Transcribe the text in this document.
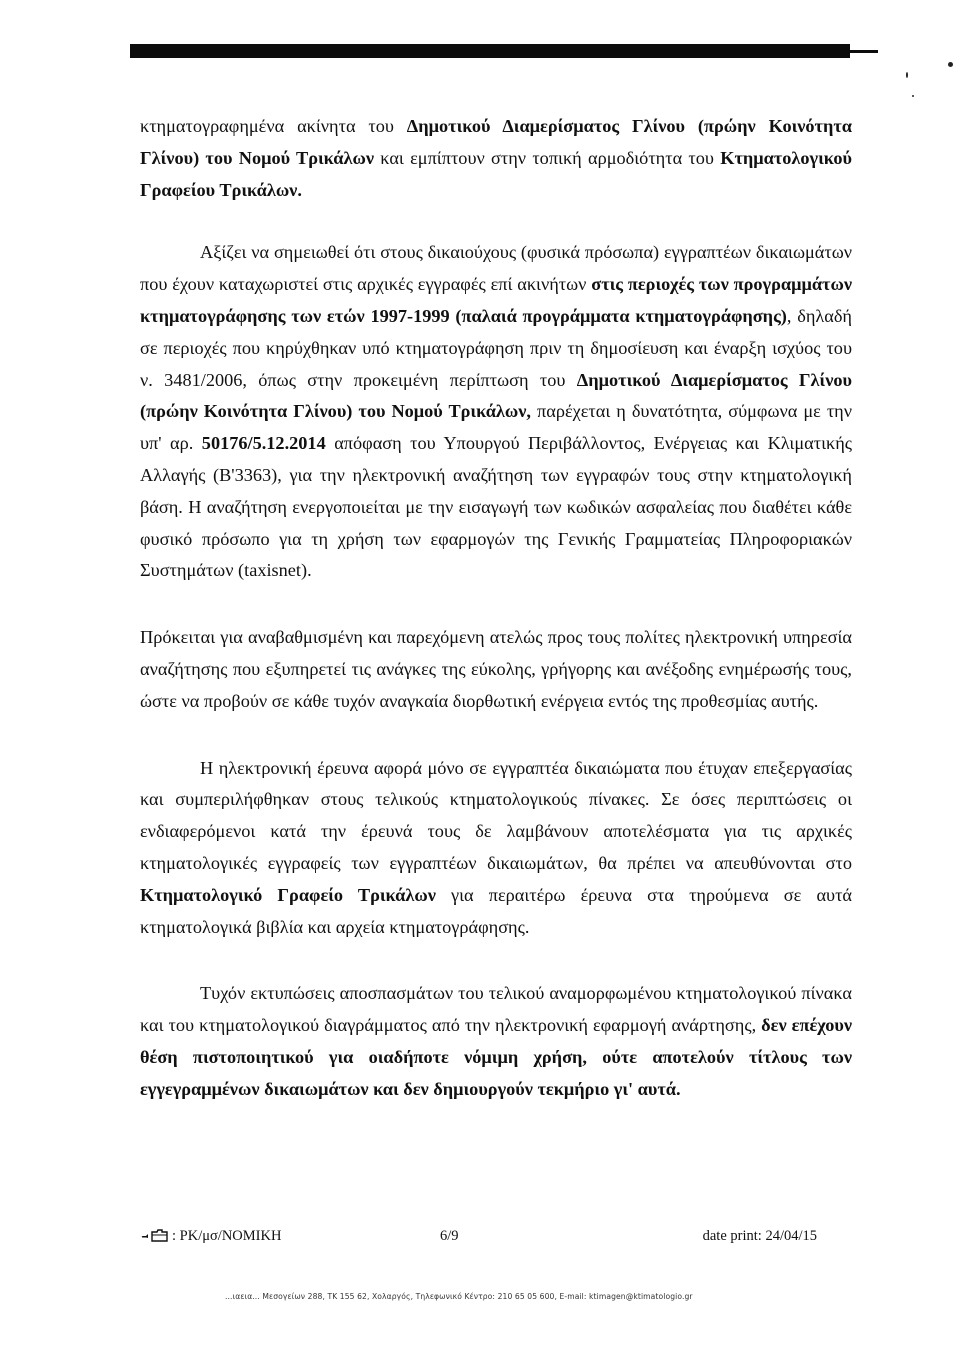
κτηματογραφημένα ακίνητα του Δημοτικού Διαμερίσματος Γλίνου (πρώην Κοινότητα Γλίνου) του Νομού Τρικάλων και εμπίπτουν στην τοπική αρμοδιότητα του Κτηματολογικού Γραφείου Τρικάλων.

Αξίζει να σημειωθεί ότι στους δικαιούχους (φυσικά πρόσωπα) εγγραπτέων δικαιωμάτων που έχουν καταχωριστεί στις αρχικές εγγραφές επί ακινήτων στις περιοχές των προγραμμάτων κτηματογράφησης των ετών 1997-1999 (παλαιά προγράμματα κτηματογράφησης), δηλαδή σε περιοχές που κηρύχθηκαν υπό κτηματογράφηση πριν τη δημοσίευση και έναρξη ισχύος του ν. 3481/2006, όπως στην προκειμένη περίπτωση του Δημοτικού Διαμερίσματος Γλίνου (πρώην Κοινότητα Γλίνου) του Νομού Τρικάλων, παρέχεται η δυνατότητα, σύμφωνα με την υπ' αρ. 50176/5.12.2014 απόφαση του Υπουργού Περιβάλλοντος, Ενέργειας και Κλιματικής Αλλαγής (Β'3363), για την ηλεκτρονική αναζήτηση των εγγραφών τους στην κτηματολογική βάση. Η αναζήτηση ενεργοποιείται με την εισαγωγή των κωδικών ασφαλείας που διαθέτει κάθε φυσικό πρόσωπο για τη χρήση των εφαρμογών της Γενικής Γραμματείας Πληροφοριακών Συστημάτων (taxisnet).

Πρόκειται για αναβαθμισμένη και παρεχόμενη ατελώς προς τους πολίτες ηλεκτρονική υπηρεσία αναζήτησης που εξυπηρετεί τις ανάγκες της εύκολης, γρήγορης και ανέξοδης ενημέρωσής τους, ώστε να προβούν σε κάθε τυχόν αναγκαία διορθωτική ενέργεια εντός της προθεσμίας αυτής.

Η ηλεκτρονική έρευνα αφορά μόνο σε εγγραπτέα δικαιώματα που έτυχαν επεξεργασίας και συμπεριλήφθηκαν στους τελικούς κτηματολογικούς πίνακες. Σε όσες περιπτώσεις οι ενδιαφερόμενοι κατά την έρευνά τους δε λαμβάνουν αποτελέσματα για τις αρχικές κτηματολογικές εγγραφείς των εγγραπτέων δικαιωμάτων, θα πρέπει να απευθύνονται στο Κτηματολογικό Γραφείο Τρικάλων για περαιτέρω έρευνα στα τηρούμενα σε αυτά κτηματολογικά βιβλία και αρχεία κτηματογράφησης.

Τυχόν εκτυπώσεις αποσπασμάτων του τελικού αναμορφωμένου κτηματολογικού πίνακα και του κτηματολογικού διαγράμματος από την ηλεκτρονική εφαρμογή ανάρτησης, δεν επέχουν θέση πιστοποιητικού για οιαδήποτε νόμιμη χρήση, ούτε αποτελούν τίτλους των εγγεγραμμένων δικαιωμάτων και δεν δημιουργούν τεκμήριο γι' αυτά.

: PK/μσ/NOMIKH	6/9	date print: 24/04/15
...ιαεια... Μεσογείων 288, ΤΚ 155 62, Χολαργός, Τηλεφωνικό Κέντρο: 210 65 05 600, E-mail: ktimagen@ktimatologio.gr
